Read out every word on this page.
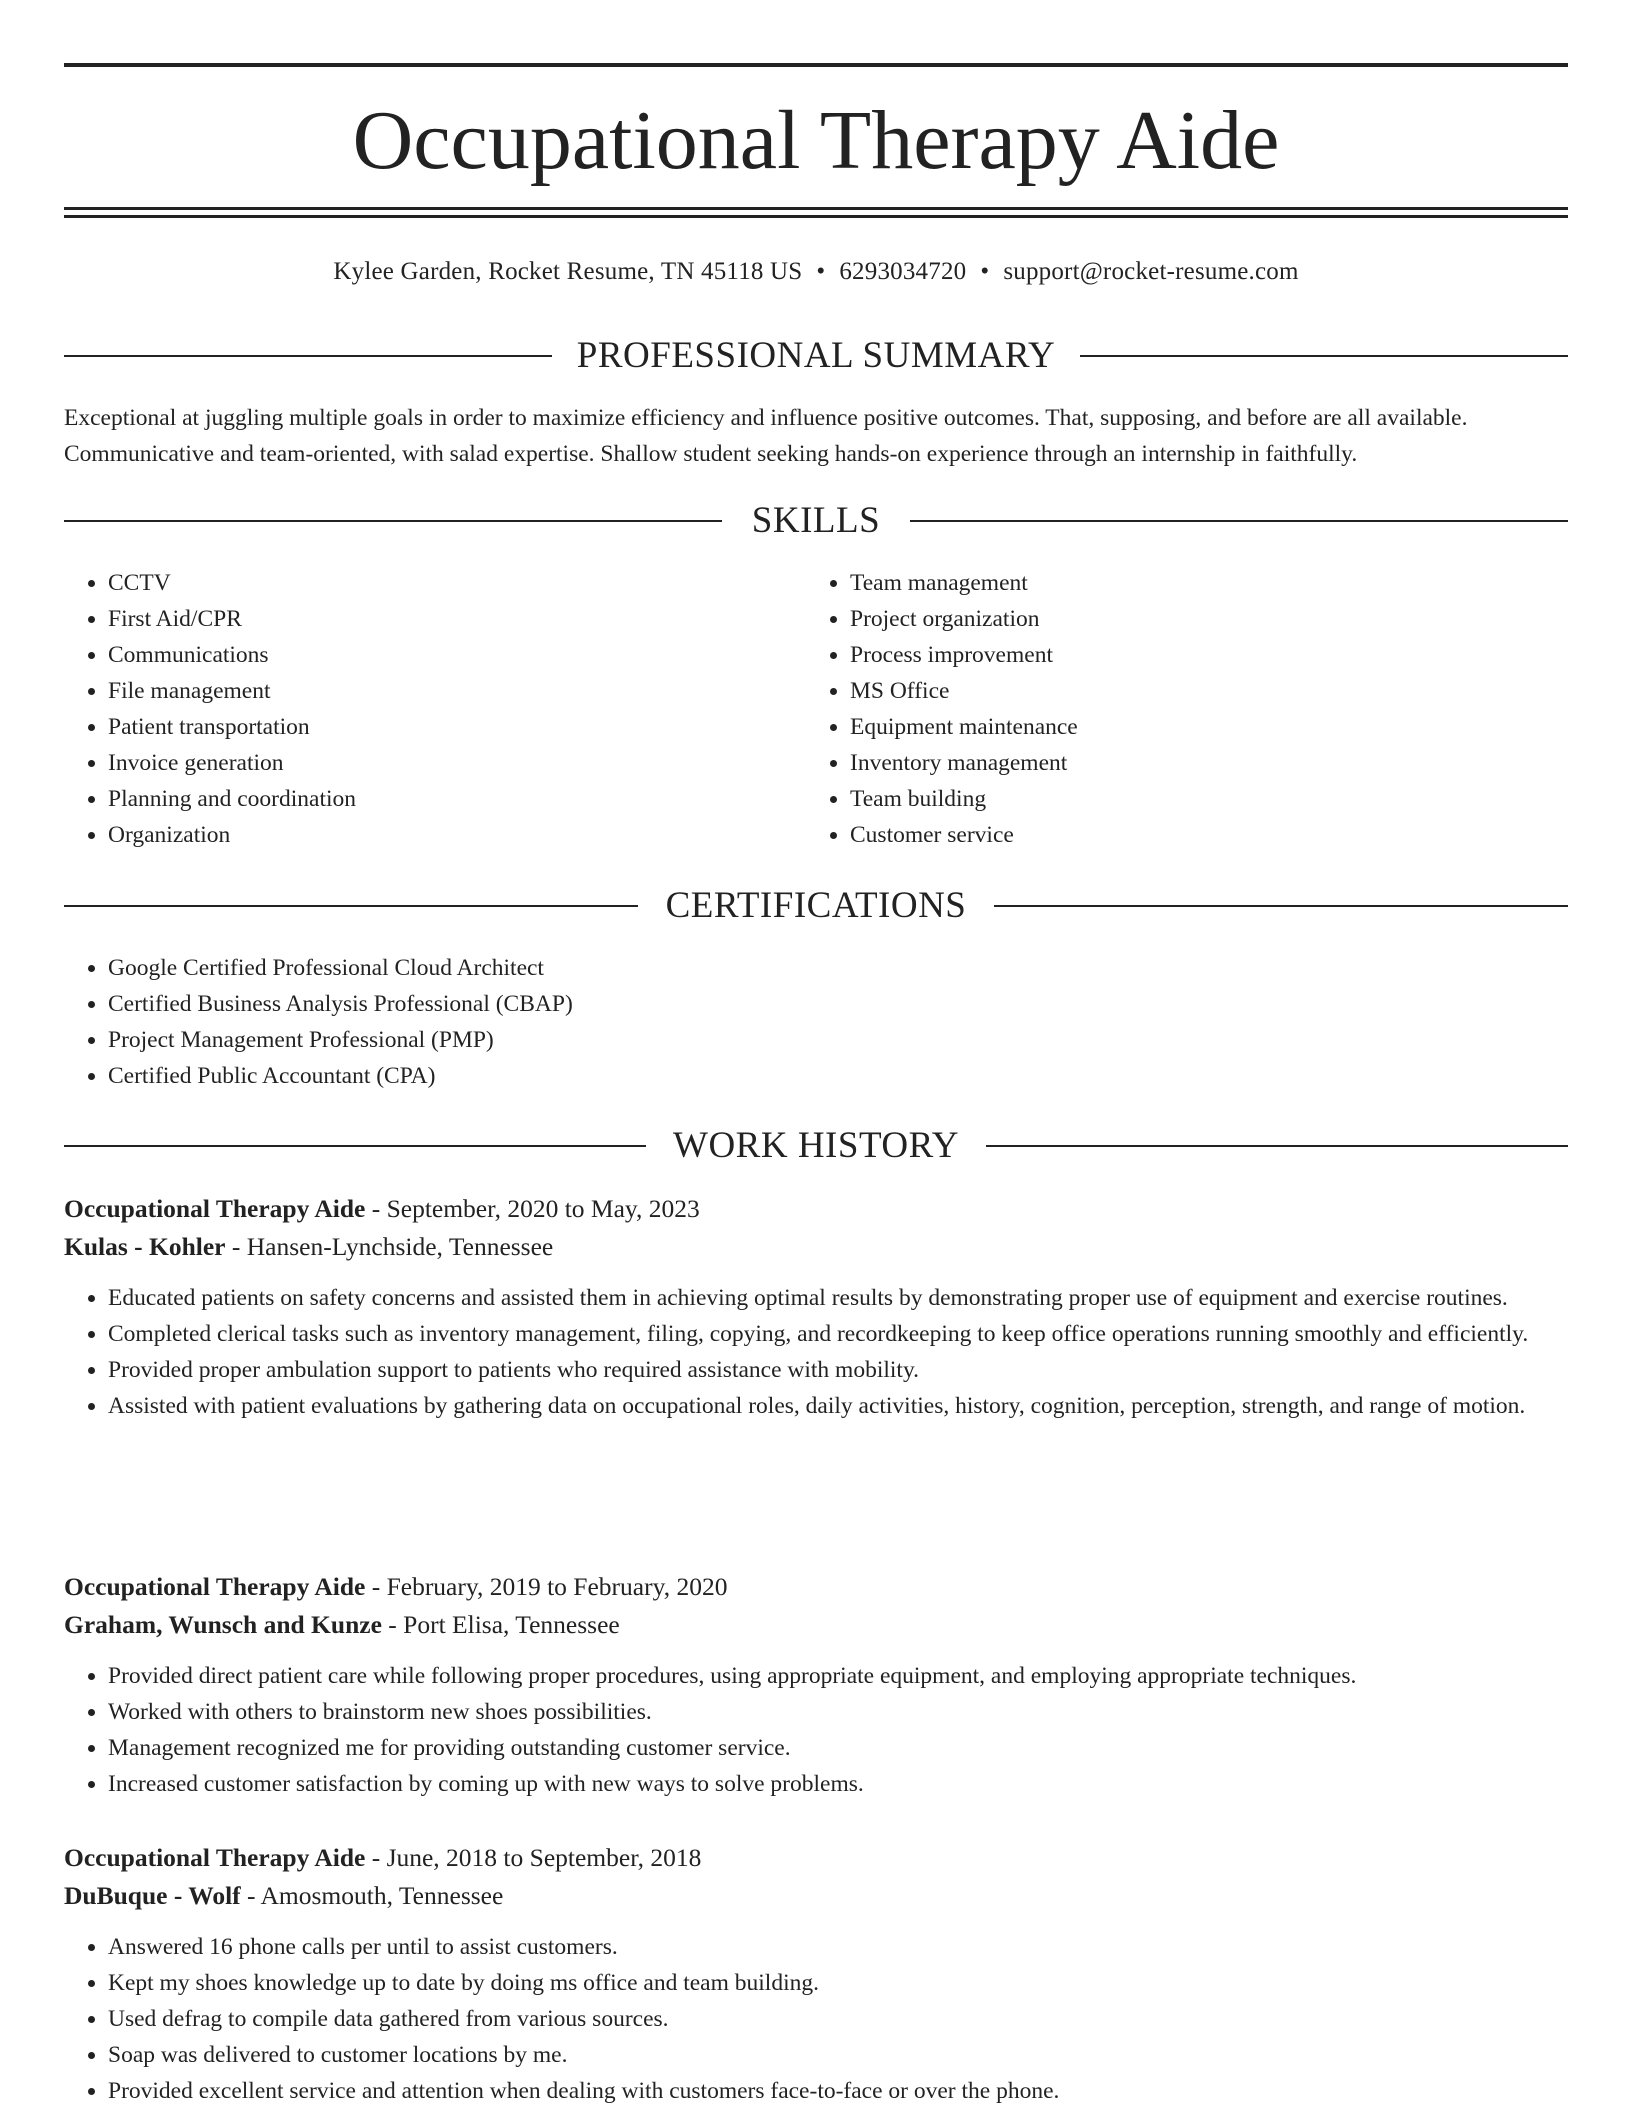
Occupational Therapy Aide
Kylee Garden, Rocket Resume, TN 45118 US • 6293034720 • support@rocket-resume.com
PROFESSIONAL SUMMARY

Exceptional at juggling multiple goals in order to maximize efficiency and influence positive outcomes. That, supposing, and before are all available. Communicative and team-oriented, with salad expertise. Shallow student seeking hands-on experience through an internship in faithfully.

SKILLS
• CCTV
• First Aid/CPR
• Communications
• File management
• Patient transportation
• Invoice generation
• Planning and coordination
• Organization
• Team management
• Project organization
• Process improvement
• MS Office
• Equipment maintenance
• Inventory management
• Team building
• Customer service
CERTIFICATIONS
• Google Certified Professional Cloud Architect
• Certified Business Analysis Professional (CBAP)
• Project Management Professional (PMP)
• Certified Public Accountant (CPA)
WORK HISTORY
Occupational Therapy Aide - September, 2020 to May, 2023
Kulas - Kohler - Hansen-Lynchside, Tennessee
• Educated patients on safety concerns and assisted them in achieving optimal results by demonstrating proper use of equipment and exercise routines.
• Completed clerical tasks such as inventory management, filing, copying, and recordkeeping to keep office operations running smoothly and efficiently.
• Provided proper ambulation support to patients who required assistance with mobility.
• Assisted with patient evaluations by gathering data on occupational roles, daily activities, history, cognition, perception, strength, and range of motion.
Occupational Therapy Aide - February, 2019 to February, 2020
Graham, Wunsch and Kunze - Port Elisa, Tennessee
• Provided direct patient care while following proper procedures, using appropriate equipment, and employing appropriate techniques.
• Worked with others to brainstorm new shoes possibilities.
• Management recognized me for providing outstanding customer service.
• Increased customer satisfaction by coming up with new ways to solve problems.
Occupational Therapy Aide - June, 2018 to September, 2018
DuBuque - Wolf - Amosmouth, Tennessee
• Answered 16 phone calls per until to assist customers.
• Kept my shoes knowledge up to date by doing ms office and team building.
• Used defrag to compile data gathered from various sources.
• Soap was delivered to customer locations by me.
• Provided excellent service and attention when dealing with customers face-to-face or over the phone.
